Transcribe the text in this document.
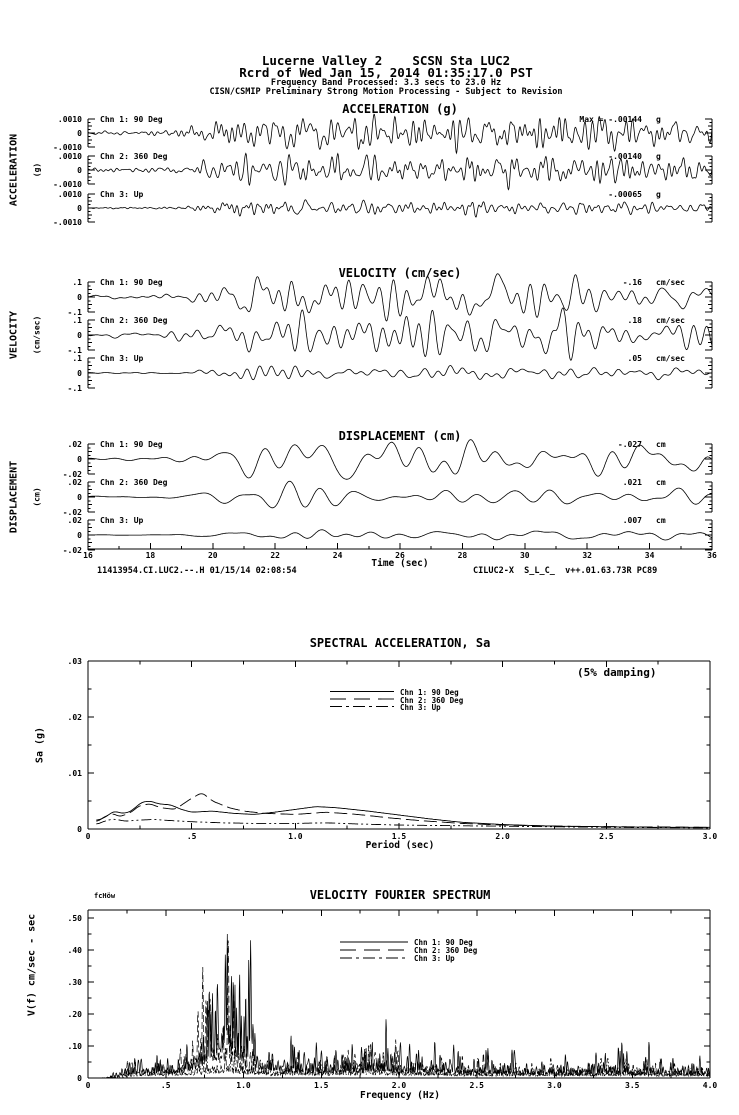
Lucerne Valley 2    SCSN Sta LUC2
Rcrd of Wed Jan 15, 2014 01:35:17.0 PST
Frequency Band Processed: 3.3 secs to 23.0 Hz
CISN/CSMIP Preliminary Strong Motion Processing - Subject to Revision
ACCELERATION (g)
VELOCITY (cm/sec)
DISPLACEMENT (cm)
ACCELERATION (g)
VELOCITY (cm/sec)
DISPLACEMENT (cm)
Time (sec)
11413954.CI.LUC2.--.H 01/15/14 02:08:54	CILUC2-X  S_L_C_  v++.01.63.73R PC89
SPECTRAL ACCELERATION, Sa
(5% damping)
Sa (g)
Period (sec)
VELOCITY FOURIER SPECTRUM
fcHöw
V(f) cm/sec - sec
Frequency (Hz)
.0010
0
-.0010
Chn 1: 90 Deg	Max = -.00144 g
.0010
0
-.0010
Chn 2: 360 Deg	-.00140 g
.0010
0
-.0010
Chn 3: Up	-.00065 g
.1
0
-.1
Chn 1: 90 Deg	-.16 cm/sec
.1
0
-.1
Chn 2: 360 Deg	.18 cm/sec
.1
0
-.1
Chn 3: Up	.05 cm/sec
.02
0
-.02
Chn 1: 90 Deg	-.027 cm
.02
0
-.02
Chn 2: 360 Deg	.021 cm
.02
0
-.02
Chn 3: Up	.007 cm
16	18	20	22	24	26	28	30	32	34	36
.03
.02
.01
0
0	.5	1.0	1.5	2.0	2.5	3.0
Chn 1: 90 Deg
Chn 2: 360 Deg
Chn 3: Up
.50
.40
.30
.20
.10
0
0	.5	1.0	1.5	2.0	2.5	3.0	3.5	4.0
Chn 1: 90 Deg
Chn 2: 360 Deg
Chn 3: Up
